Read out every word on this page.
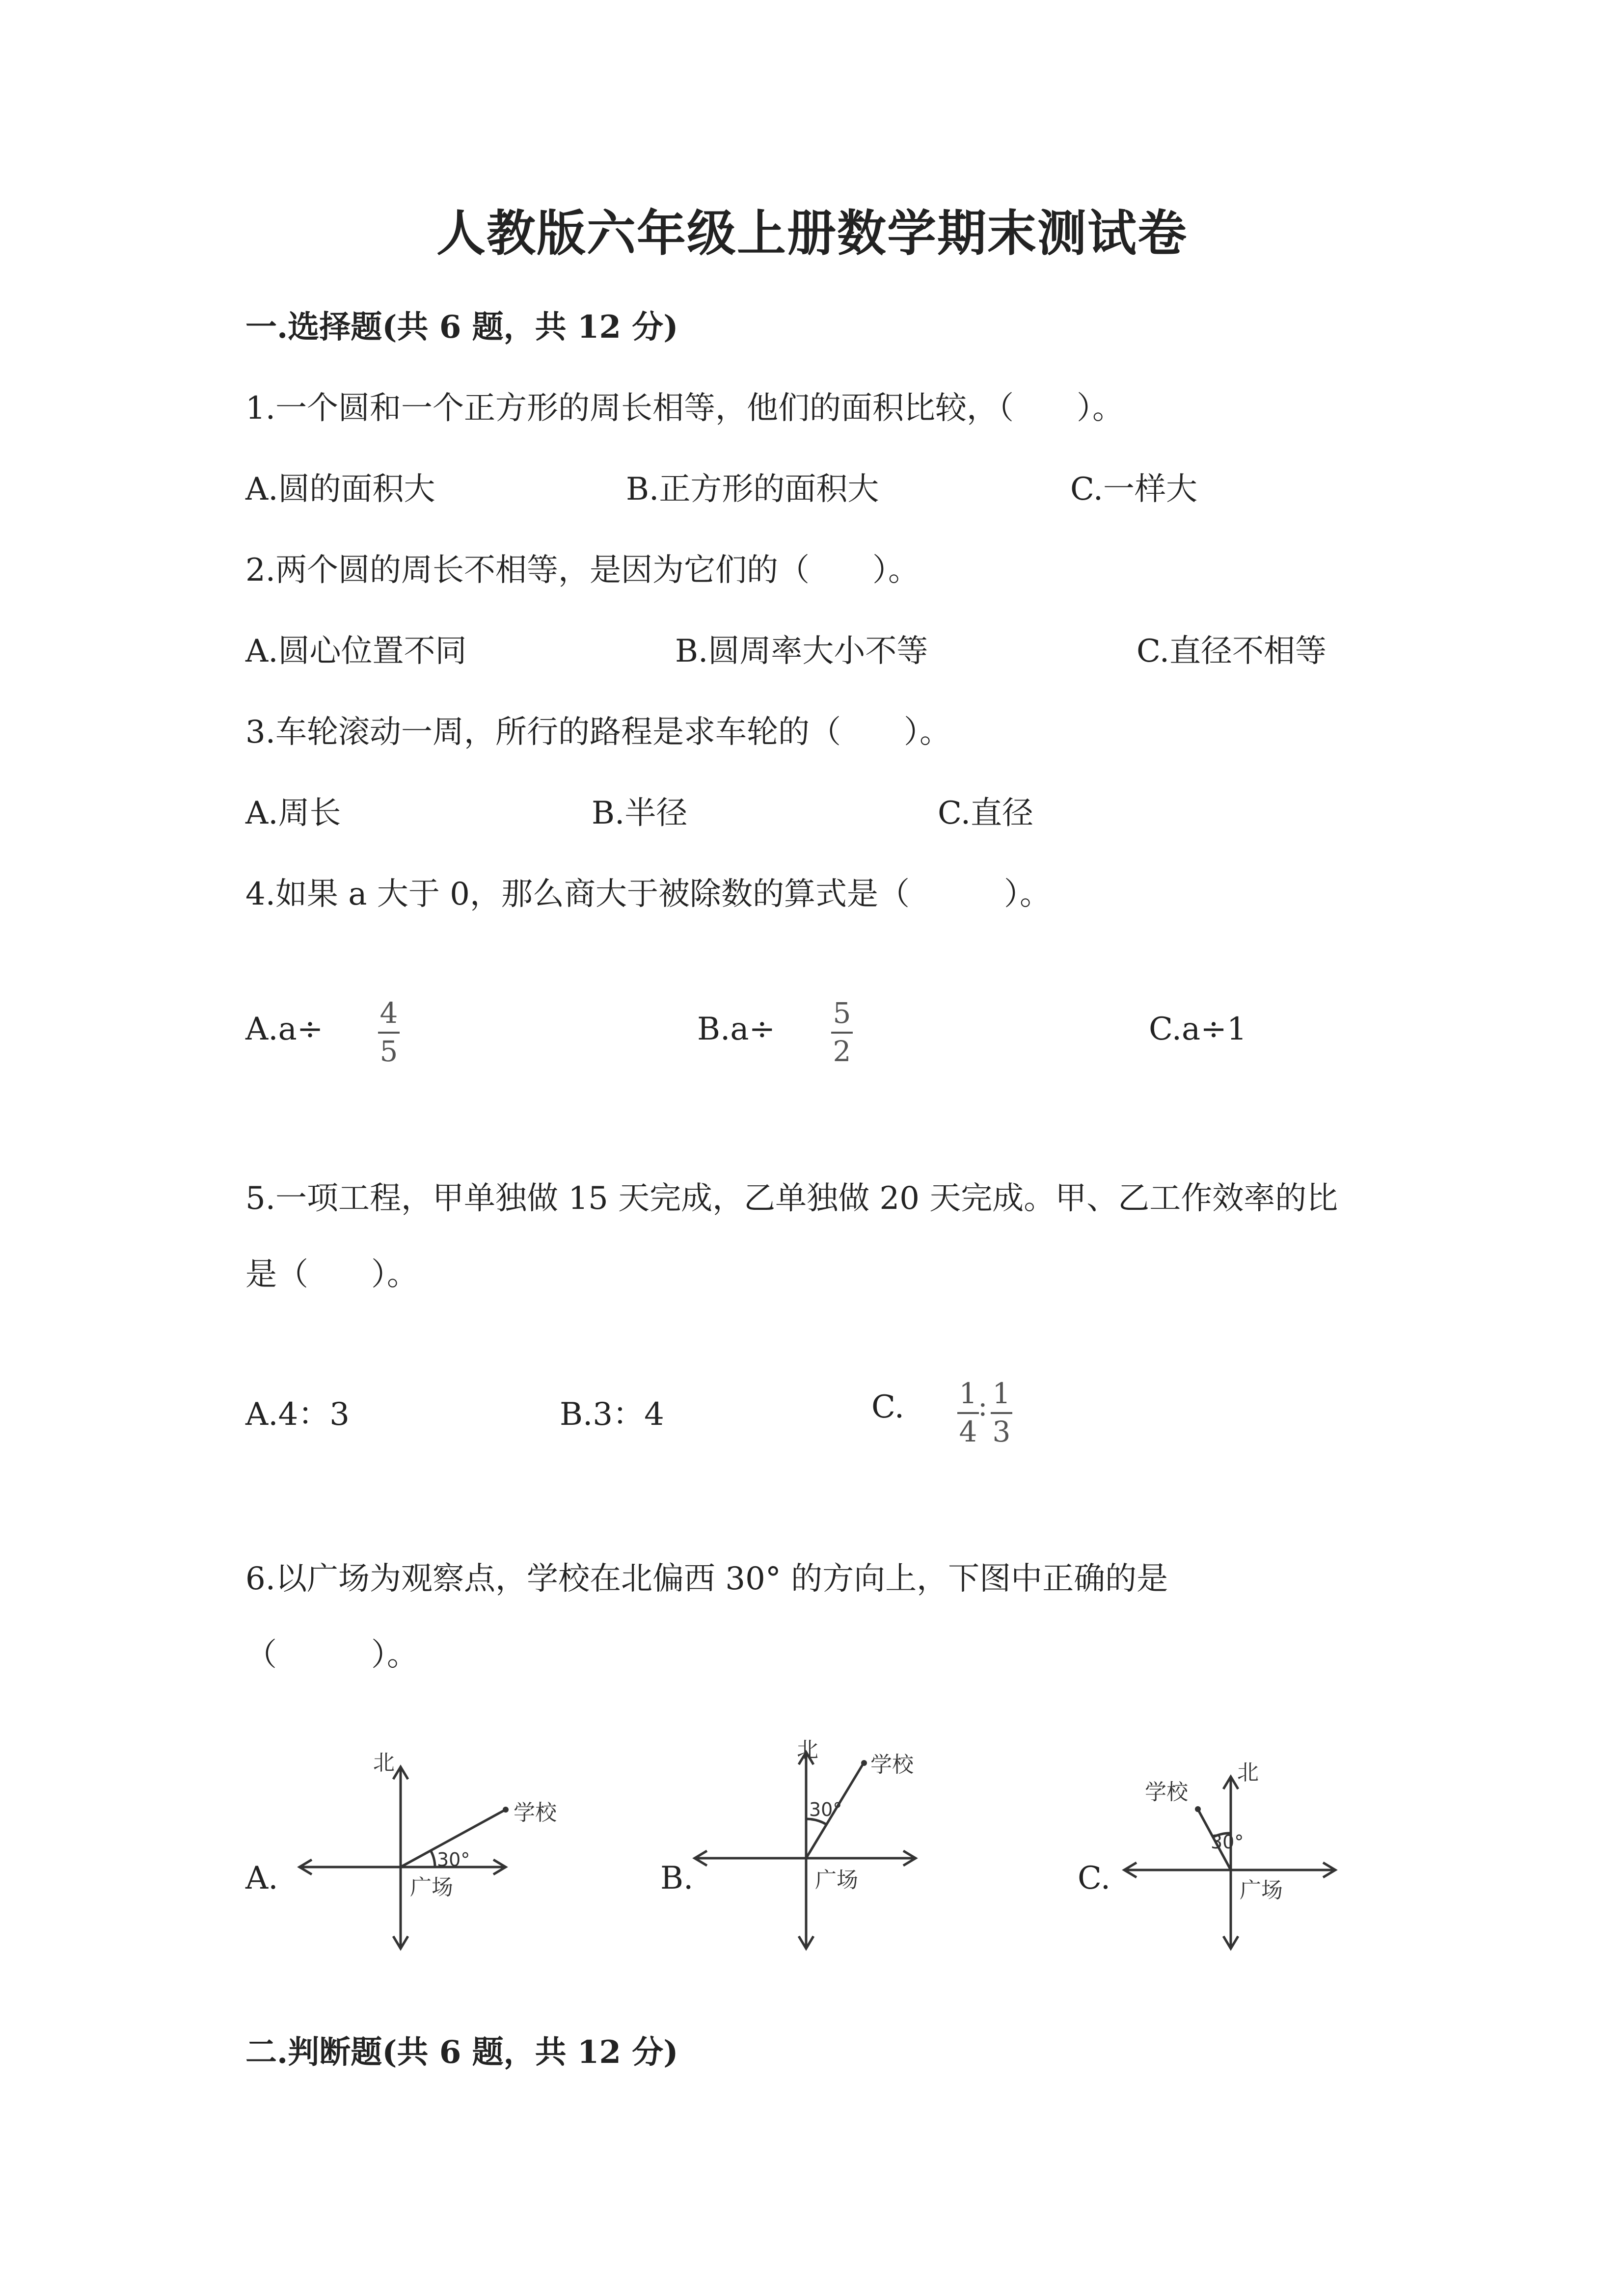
人教版六年级上册数学期末测试卷
一.选择题(共 6 题，共 12 分)
1.一个圆和一个正方形的周长相等，他们的面积比较，（　　）。
A.圆的面积大	B.正方形的面积大	C.一样大
2.两个圆的周长不相等，是因为它们的（　　）。
A.圆心位置不同	B.圆周率大小不等	C.直径不相等
3.车轮滚动一周，所行的路程是求车轮的（　　）。
A.周长	B.半径	C.直径
4.如果 a 大于 0，那么商大于被除数的算式是（　　　）。
A.a÷ 4
5
B.a÷ 5
2
C.a÷1
5.一项工程，甲单独做 15 天完成，乙单独做 20 天完成。甲、乙工作效率的比
是（　　）。
A.4：3	B.3：4	C. 1
4
: 1
3
6.以广场为观察点，学校在北偏西 30° 的方向上，下图中正确的是
（　　　）。
A.	B.	C.
北
学校
30°
广场
北
学校
30°
广场
北
学校
30°
广场
二.判断题(共 6 题，共 12 分)
